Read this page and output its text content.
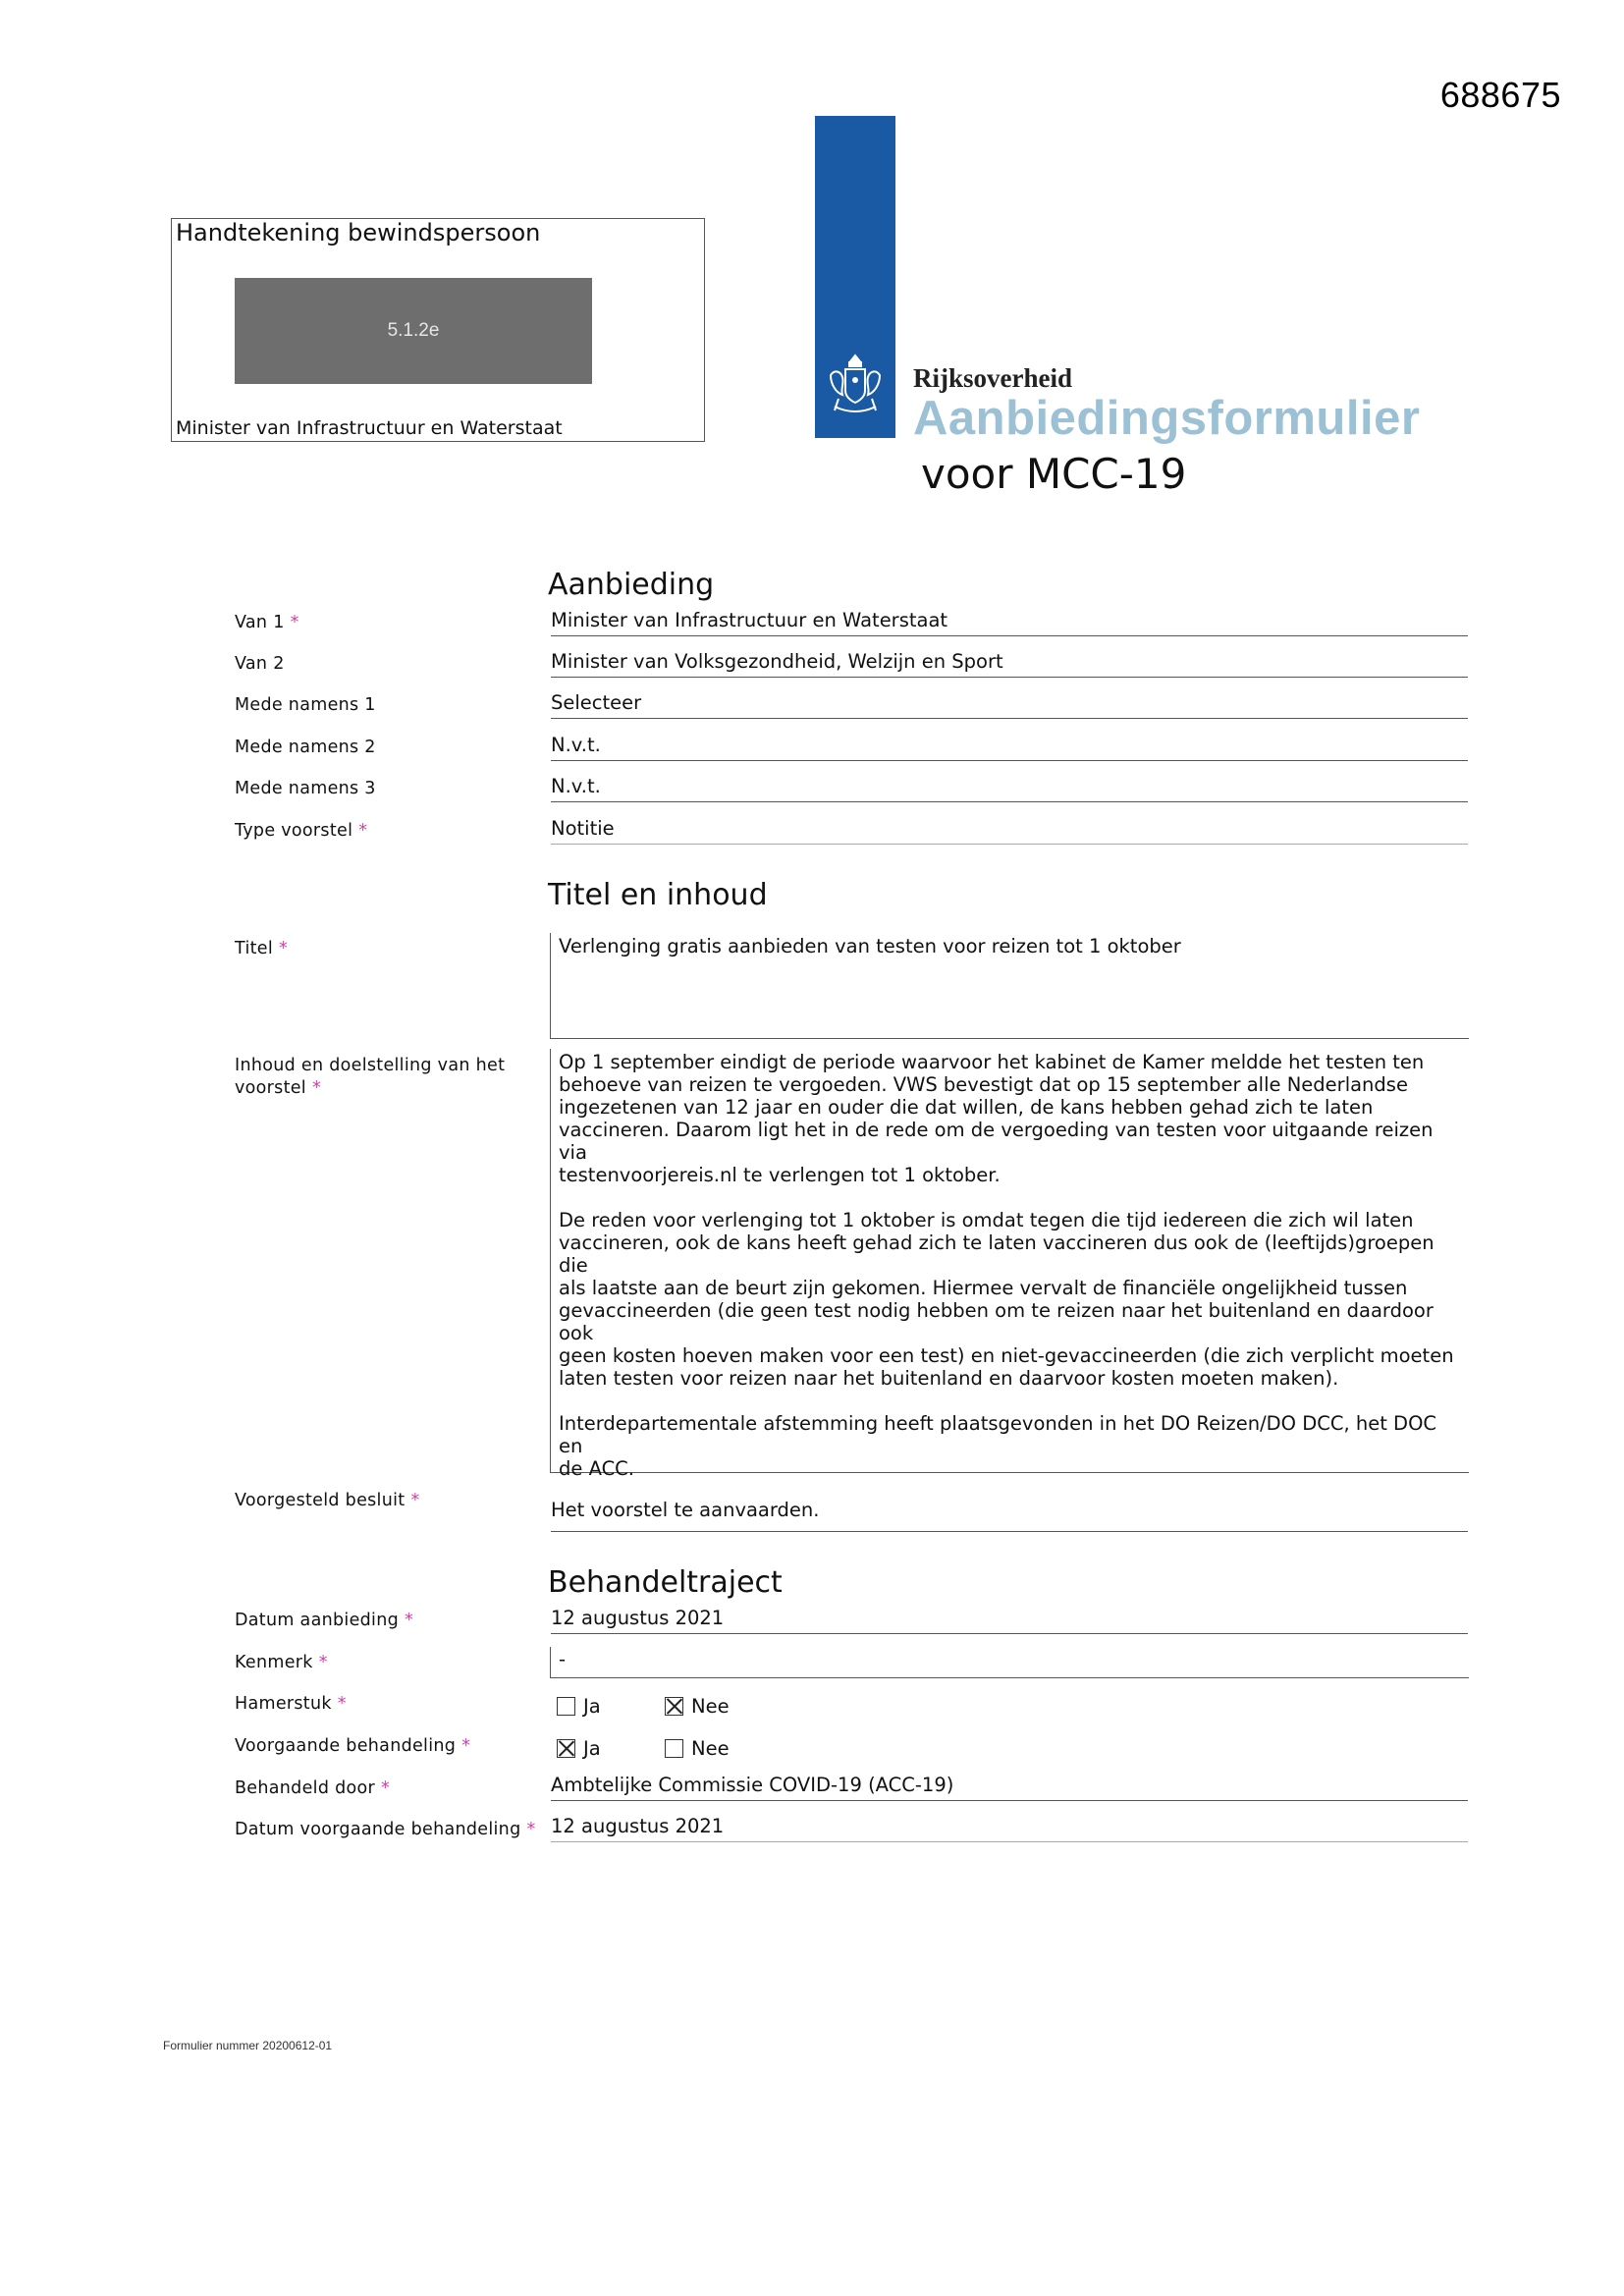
688675
Handtekening bewindspersoon
5.1.2e
Minister van Infrastructuur en Waterstaat
Rijksoverheid
Aanbiedingsformulier
voor MCC-19
Aanbieding
Van 1 *	Minister van Infrastructuur en Waterstaat
Van 2	Minister van Volksgezondheid, Welzijn en Sport
Mede namens 1	Selecteer
Mede namens 2	N.v.t.
Mede namens 3	N.v.t.
Type voorstel *	Notitie
Titel en inhoud
Titel *	Verlenging gratis aanbieden van testen voor reizen tot 1 oktober
Inhoud en doelstelling van het
voorstel *

Op 1 september eindigt de periode waarvoor het kabinet de Kamer meldde het testen ten
behoeve van reizen te vergoeden. VWS bevestigt dat op 15 september alle Nederlandse
ingezetenen van 12 jaar en ouder die dat willen, de kans hebben gehad zich te laten
vaccineren. Daarom ligt het in de rede om de vergoeding van testen voor uitgaande reizen via
testenvoorjereis.nl te verlengen tot 1 oktober.

De reden voor verlenging tot 1 oktober is omdat tegen die tijd iedereen die zich wil laten
vaccineren, ook de kans heeft gehad zich te laten vaccineren dus ook de (leeftijds)groepen die
als laatste aan de beurt zijn gekomen. Hiermee vervalt de financiële ongelijkheid tussen
gevaccineerden (die geen test nodig hebben om te reizen naar het buitenland en daardoor ook
geen kosten hoeven maken voor een test) en niet-gevaccineerden (die zich verplicht moeten
laten testen voor reizen naar het buitenland en daarvoor kosten moeten maken).

Interdepartementale afstemming heeft plaatsgevonden in het DO Reizen/DO DCC, het DOC en
de ACC.

Voorgesteld besluit *	Het voorstel te aanvaarden.
Behandeltraject
Datum aanbieding *	12 augustus 2021
Kenmerk *	-
Hamerstuk *	Ja	Nee
Voorgaande behandeling *	Ja	Nee
Behandeld door *	Ambtelijke Commissie COVID-19 (ACC-19)
Datum voorgaande behandeling * 12 augustus 2021
Formulier nummer 20200612-01
